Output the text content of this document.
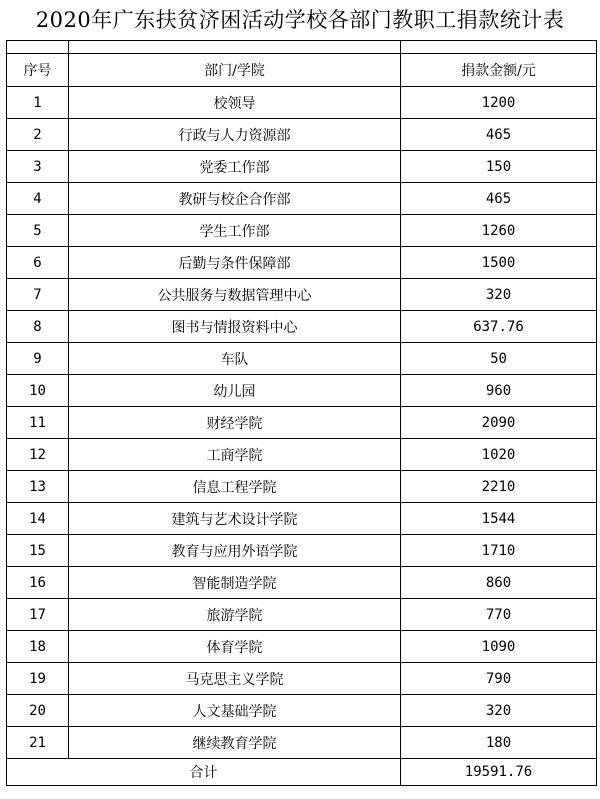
2020年广东扶贫济困活动学校各部门教职工捐款统计表

序号	部门/学院	捐款金额/元
1	校领导	1200
2	行政与人力资源部	465
3	党委工作部	150
4	教研与校企合作部	465
5	学生工作部	1260
6	后勤与条件保障部	1500
7	公共服务与数据管理中心	320
8	图书与情报资料中心	637.76
9	车队	50
10	幼儿园	960
11	财经学院	2090
12	工商学院	1020
13	信息工程学院	2210
14	建筑与艺术设计学院	1544
15	教育与应用外语学院	1710
16	智能制造学院	860
17	旅游学院	770
18	体育学院	1090
19	马克思主义学院	790
20	人文基础学院	320
21	继续教育学院	180
合计		19591.76
